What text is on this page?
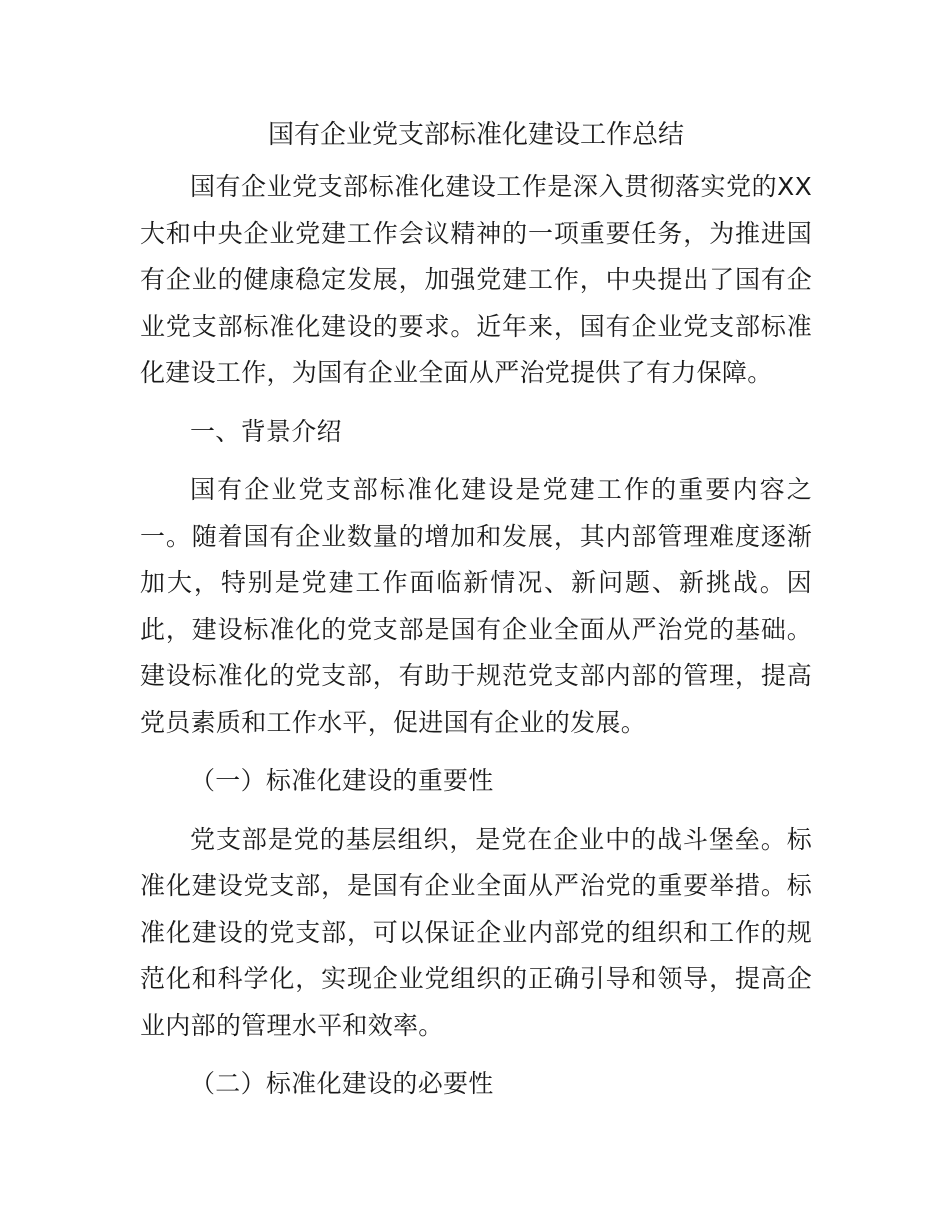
国有企业党支部标准化建设工作总结

国有企业党支部标准化建设工作是深入贯彻落实党的XX大和中央企业党建工作会议精神的一项重要任务，为推进国有企业的健康稳定发展，加强党建工作，中央提出了国有企业党支部标准化建设的要求。近年来，国有企业党支部标准化建设工作，为国有企业全面从严治党提供了有力保障。

一、背景介绍

国有企业党支部标准化建设是党建工作的重要内容之一。随着国有企业数量的增加和发展，其内部管理难度逐渐加大，特别是党建工作面临新情况、新问题、新挑战。因此，建设标准化的党支部是国有企业全面从严治党的基础。建设标准化的党支部，有助于规范党支部内部的管理，提高党员素质和工作水平，促进国有企业的发展。

（一）标准化建设的重要性

党支部是党的基层组织，是党在企业中的战斗堡垒。标准化建设党支部，是国有企业全面从严治党的重要举措。标准化建设的党支部，可以保证企业内部党的组织和工作的规范化和科学化，实现企业党组织的正确引导和领导，提高企业内部的管理水平和效率。

（二）标准化建设的必要性
